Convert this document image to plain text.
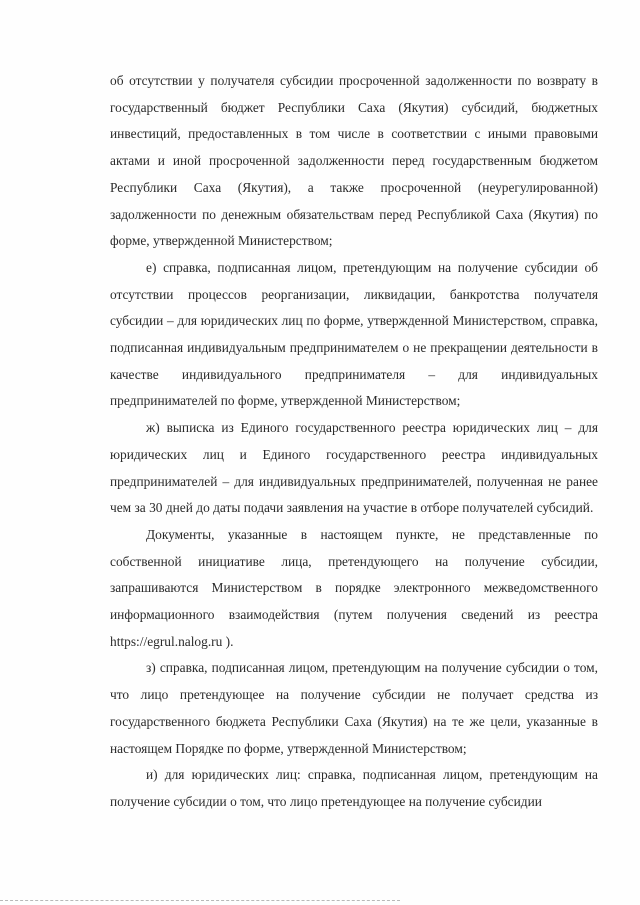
об отсутствии у получателя субсидии просроченной задолженности по возврату в государственный бюджет Республики Саха (Якутия) субсидий, бюджетных инвестиций, предоставленных в том числе в соответствии с иными правовыми актами и иной просроченной задолженности перед государственным бюджетом Республики Саха (Якутия), а также просроченной (неурегулированной) задолженности по денежным обязательствам перед Республикой Саха (Якутия) по форме, утвержденной Министерством;

е) справка, подписанная лицом, претендующим на получение субсидии об отсутствии процессов реорганизации, ликвидации, банкротства получателя субсидии – для юридических лиц по форме, утвержденной Министерством, справка, подписанная индивидуальным предпринимателем о не прекращении деятельности в качестве индивидуального предпринимателя – для индивидуальных предпринимателей по форме, утвержденной Министерством;

ж) выписка из Единого государственного реестра юридических лиц – для юридических лиц и Единого государственного реестра индивидуальных предпринимателей – для индивидуальных предпринимателей, полученная не ранее чем за 30 дней до даты подачи заявления на участие в отборе получателей субсидий.

Документы, указанные в настоящем пункте, не представленные по собственной инициативе лица, претендующего на получение субсидии, запрашиваются Министерством в порядке электронного межведомственного информационного взаимодействия (путем получения сведений из реестра https://egrul.nalog.ru ).

з) справка, подписанная лицом, претендующим на получение субсидии о том, что лицо претендующее на получение субсидии не получает средства из государственного бюджета Республики Саха (Якутия) на те же цели, указанные в настоящем Порядке по форме, утвержденной Министерством;

и) для юридических лиц: справка, подписанная лицом, претендующим на получение субсидии о том, что лицо претендующее на получение субсидии
